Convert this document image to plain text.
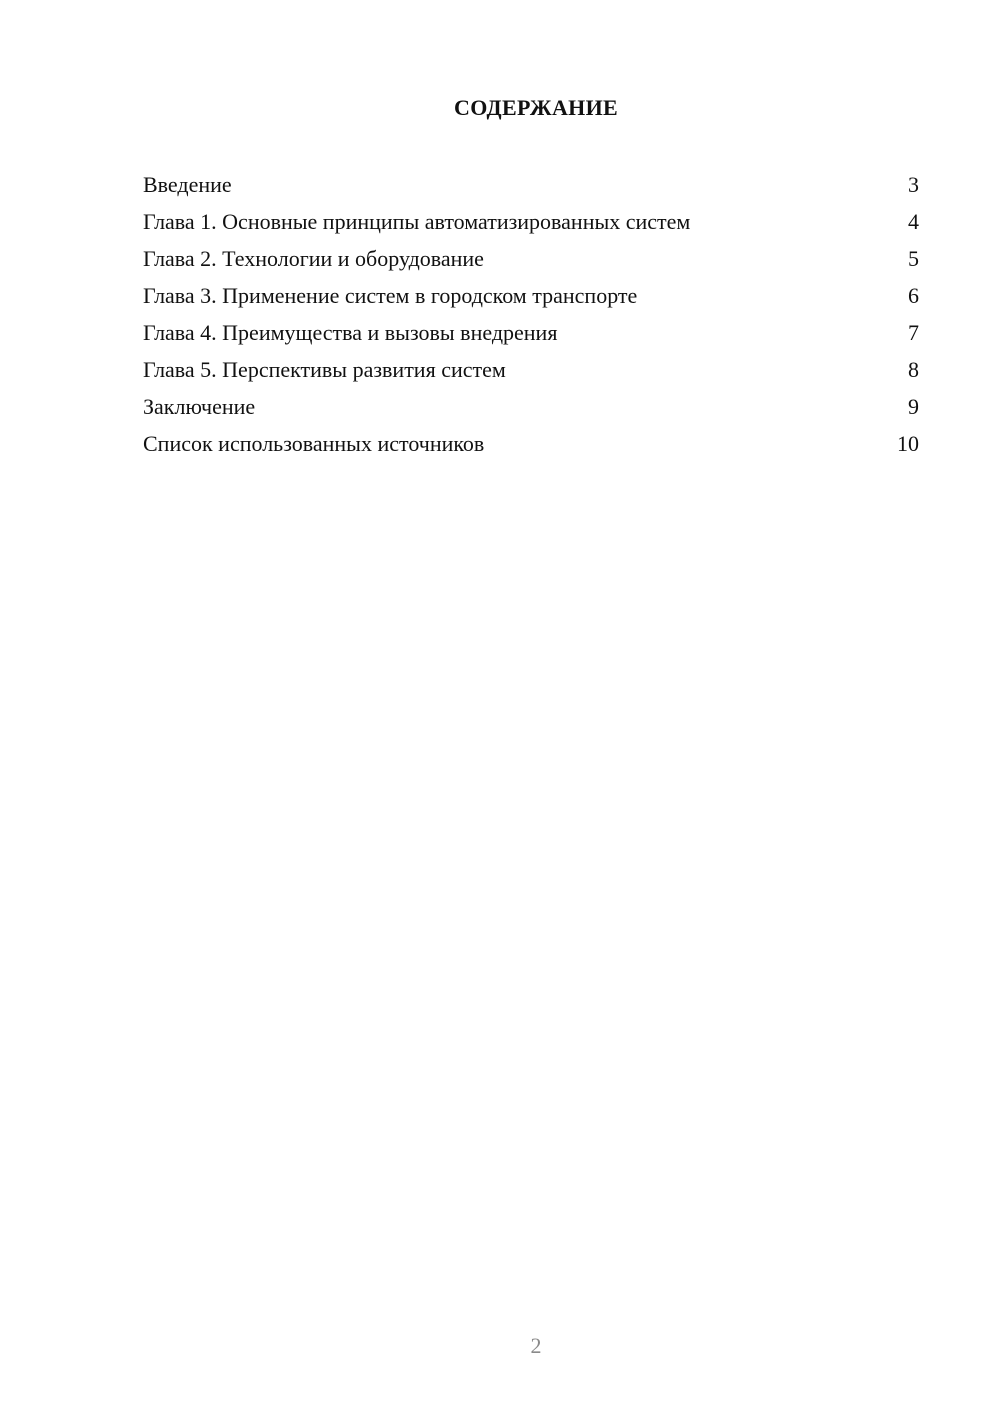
СОДЕРЖАНИЕ
Введение	3
Глава 1. Основные принципы автоматизированных систем	4
Глава 2. Технологии и оборудование	5
Глава 3. Применение систем в городском транспорте	6
Глава 4. Преимущества и вызовы внедрения	7
Глава 5. Перспективы развития систем	8
Заключение	9
Список использованных источников	10
2
